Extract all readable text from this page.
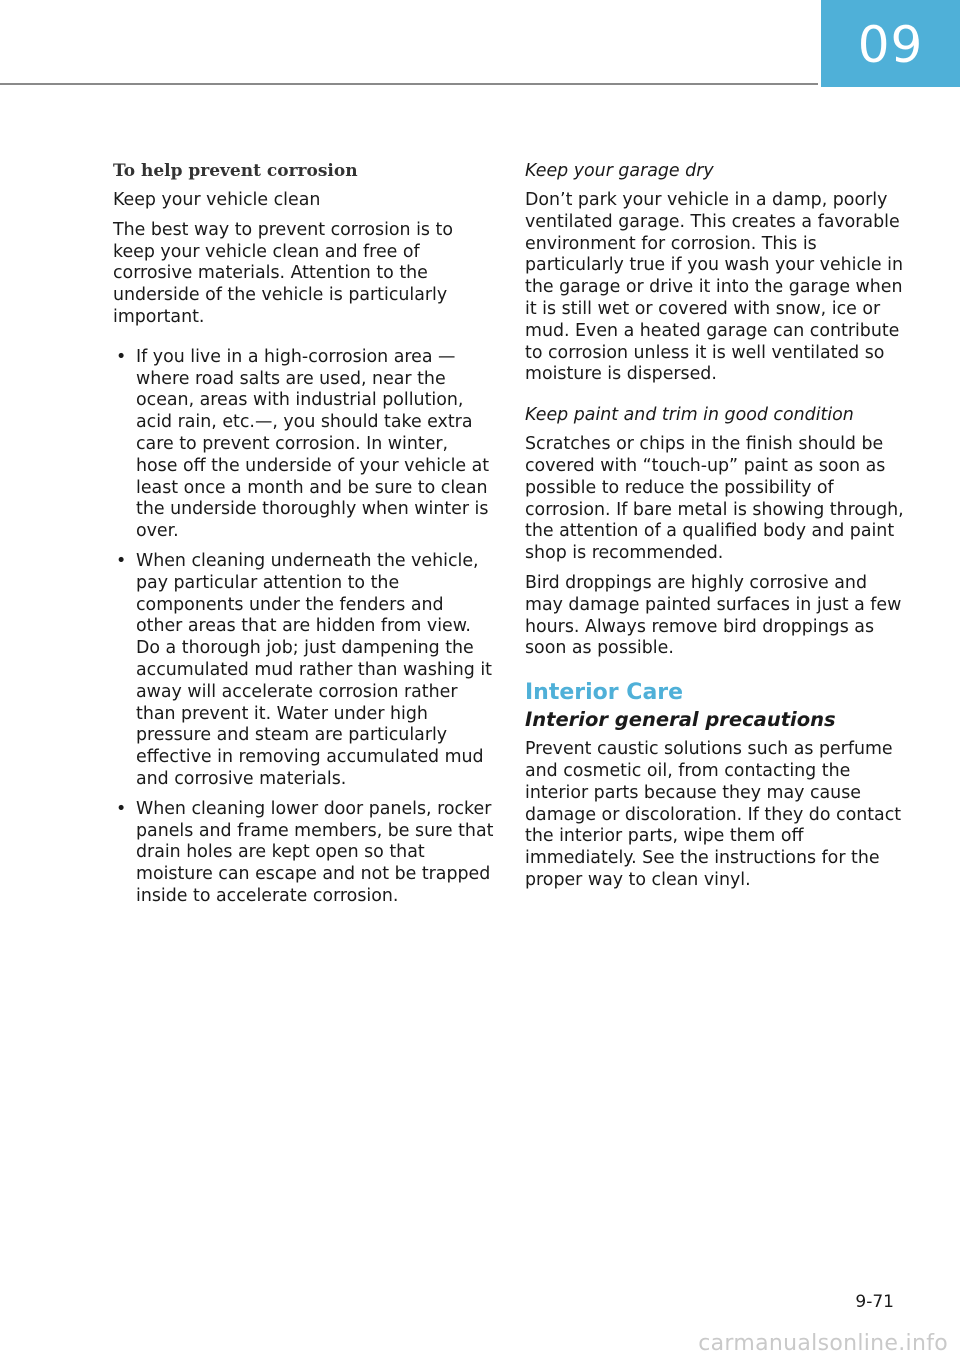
09
To help prevent corrosion
Keep your vehicle clean

The best way to prevent corrosion is to keep your vehicle clean and free of corrosive materials. Attention to the underside of the vehicle is particularly important.

• If you live in a high-corrosion area — where road salts are used, near the ocean, areas with industrial pollution, acid rain, etc.—, you should take extra care to prevent corrosion. In winter, hose off the underside of your vehicle at least once a month and be sure to clean the underside thoroughly when winter is over.
• When cleaning underneath the vehicle, pay particular attention to the components under the fenders and other areas that are hidden from view. Do a thorough job; just dampening the accumulated mud rather than washing it away will accelerate corrosion rather than prevent it. Water under high pressure and steam are particularly effective in removing accumulated mud and corrosive materials.
• When cleaning lower door panels, rocker panels and frame members, be sure that drain holes are kept open so that moisture can escape and not be trapped inside to accelerate corrosion.
Keep your garage dry

Don’t park your vehicle in a damp, poorly ventilated garage. This creates a favorable environment for corrosion. This is particularly true if you wash your vehicle in the garage or drive it into the garage when it is still wet or covered with snow, ice or mud. Even a heated garage can contribute to corrosion unless it is well ventilated so moisture is dispersed.

Keep paint and trim in good condition

Scratches or chips in the finish should be covered with “touch-up” paint as soon as possible to reduce the possibility of corrosion. If bare metal is showing through, the attention of a qualified body and paint shop is recommended.

Bird droppings are highly corrosive and may damage painted surfaces in just a few hours. Always remove bird droppings as soon as possible.

Interior Care
Interior general precautions

Prevent caustic solutions such as perfume and cosmetic oil, from contacting the interior parts because they may cause damage or discoloration. If they do contact the interior parts, wipe them off immediately. See the instructions for the proper way to clean vinyl.

9-71
carmanualsonline.info
